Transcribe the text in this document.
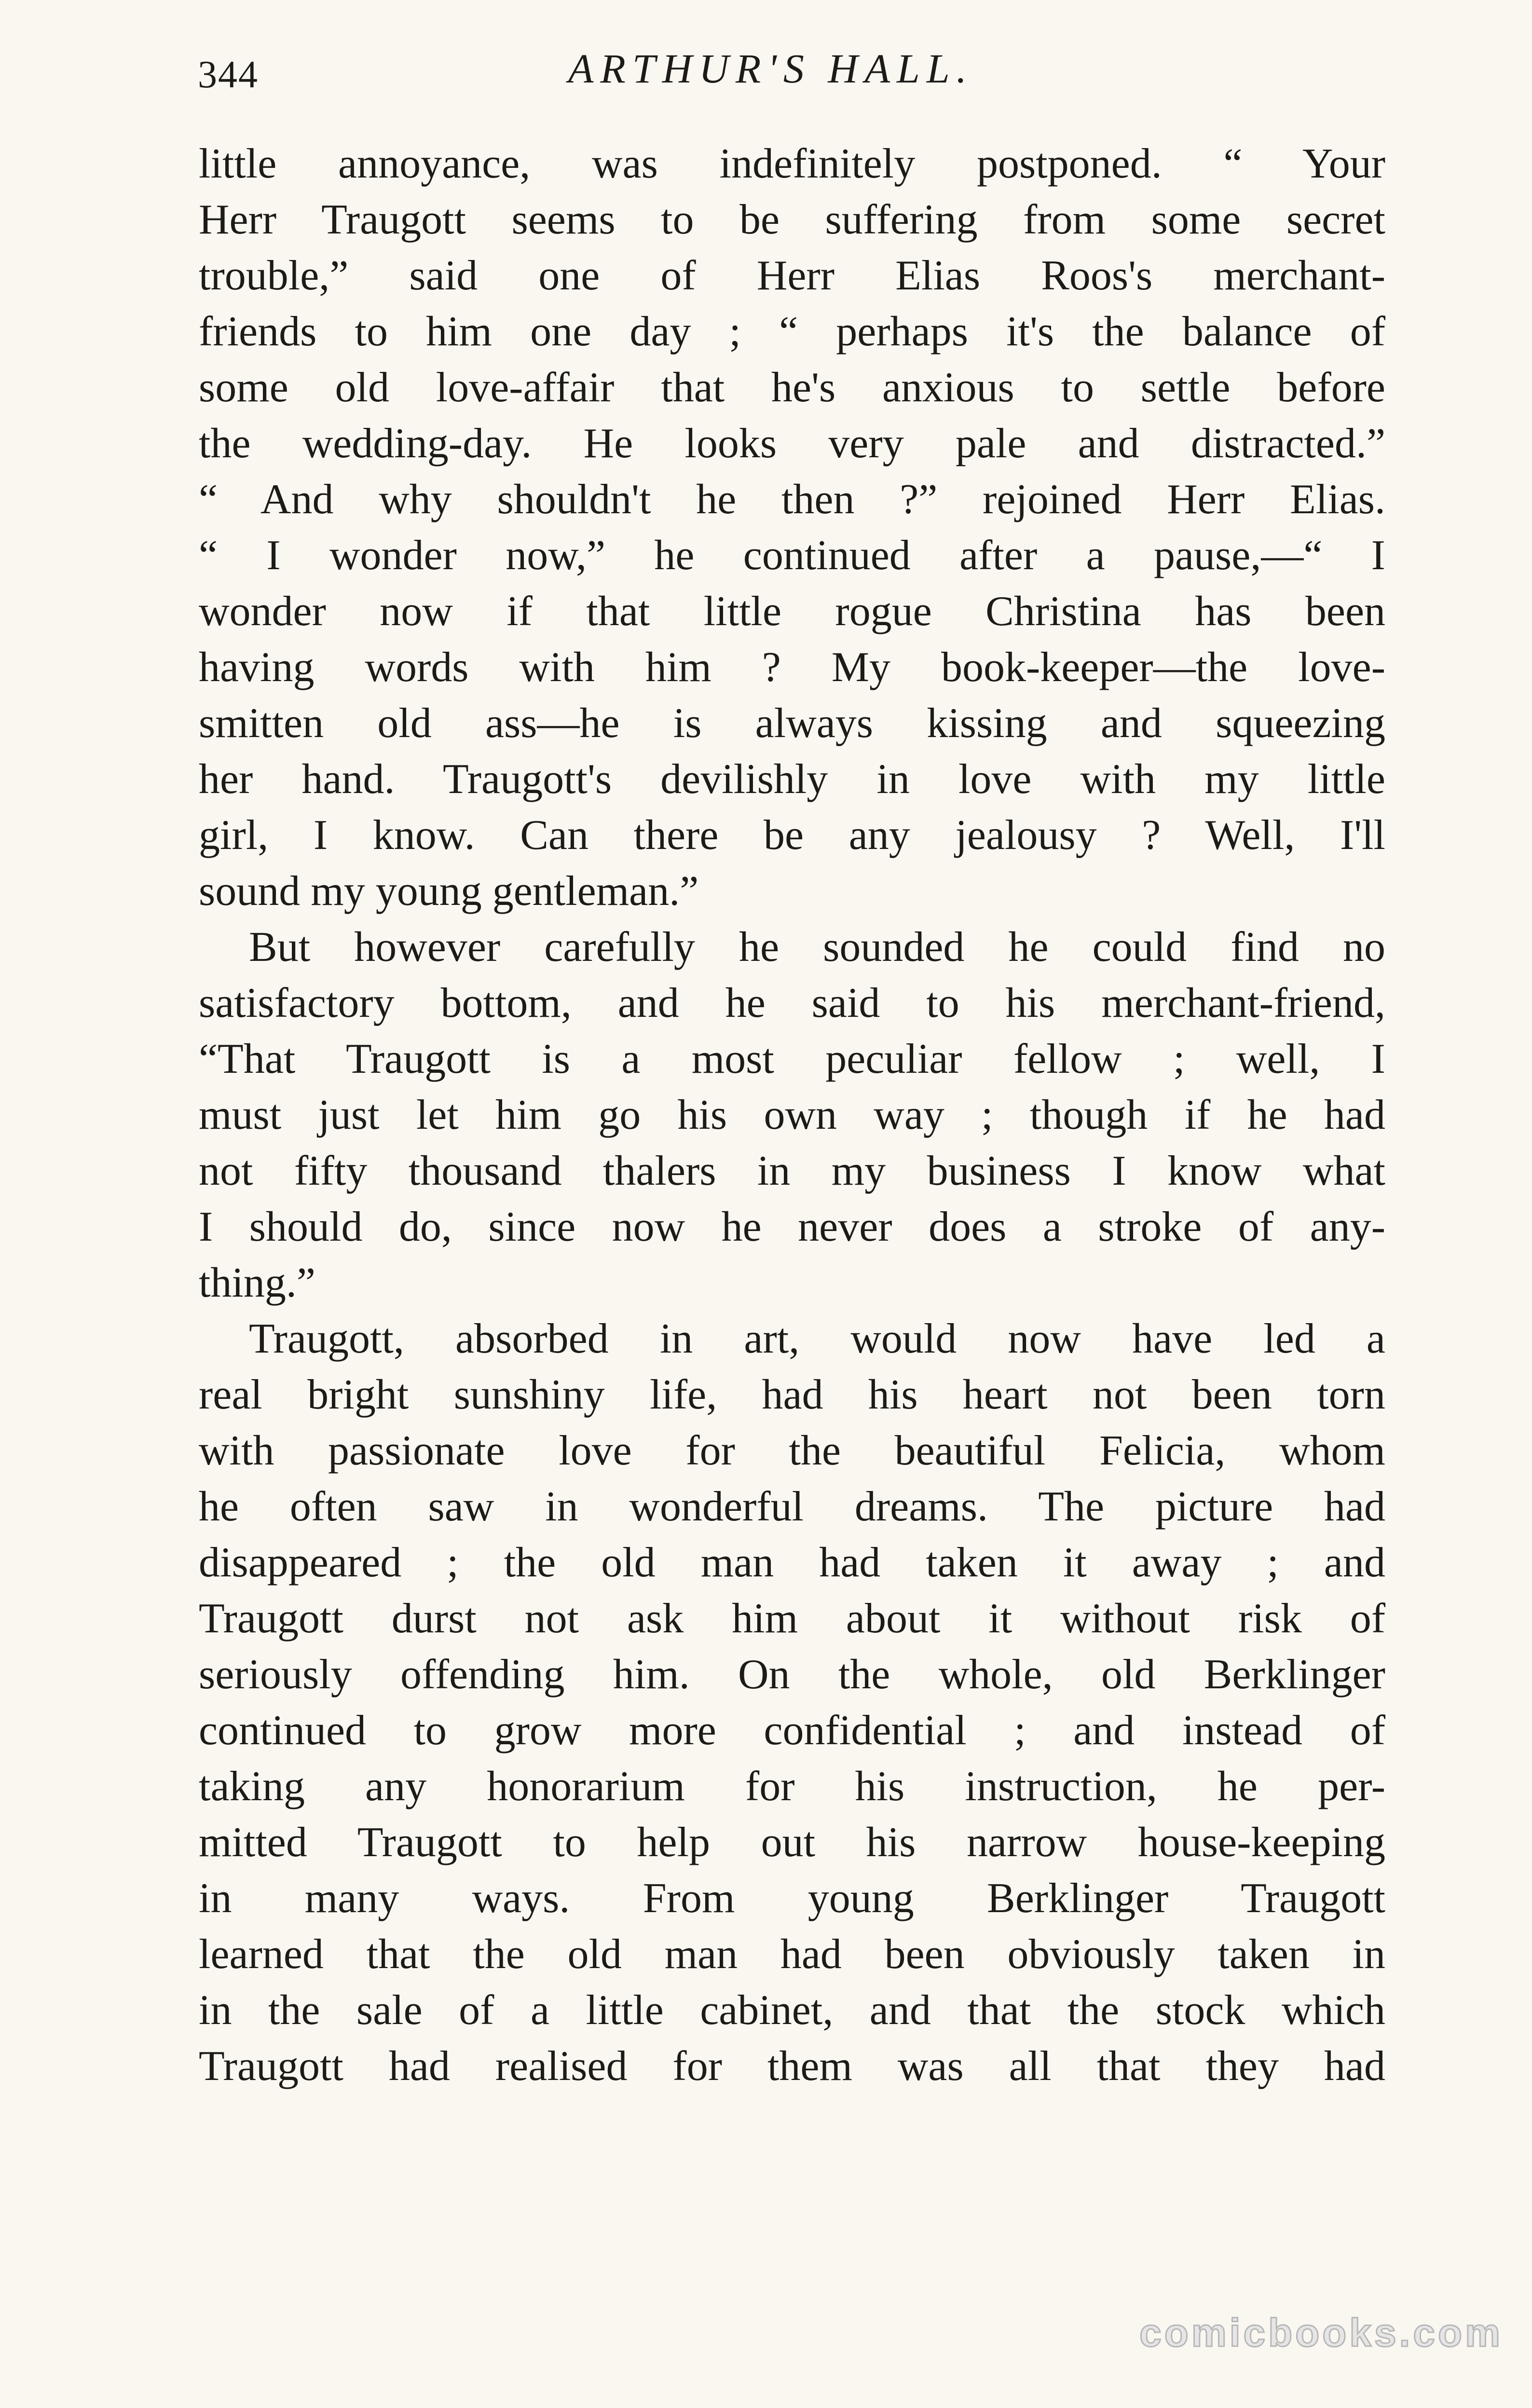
344	ARTHUR'S HALL.
little annoyance, was indefinitely postponed. “ Your
Herr Traugott seems to be suffering from some secret
trouble,” said one of Herr Elias Roos's merchant-
friends to him one day ; “ perhaps it's the balance of
some old love-affair that he's anxious to settle before
the wedding-day. He looks very pale and distracted.”
“ And why shouldn't he then ?” rejoined Herr Elias.
“ I wonder now,” he continued after a pause,—“ I
wonder now if that little rogue Christina has been
having words with him ? My book-keeper—the love-
smitten old ass—he is always kissing and squeezing
her hand. Traugott's devilishly in love with my little
girl, I know. Can there be any jealousy ? Well, I'll
sound my young gentleman.”
But however carefully he sounded he could find no
satisfactory bottom, and he said to his merchant-friend,
“That Traugott is a most peculiar fellow ; well, I
must just let him go his own way ; though if he had
not fifty thousand thalers in my business I know what
I should do, since now he never does a stroke of any-
thing.”
Traugott, absorbed in art, would now have led a
real bright sunshiny life, had his heart not been torn
with passionate love for the beautiful Felicia, whom
he often saw in wonderful dreams. The picture had
disappeared ; the old man had taken it away ; and
Traugott durst not ask him about it without risk of
seriously offending him. On the whole, old Berklinger
continued to grow more confidential ; and instead of
taking any honorarium for his instruction, he per-
mitted Traugott to help out his narrow house-keeping
in many ways. From young Berklinger Traugott
learned that the old man had been obviously taken in
in the sale of a little cabinet, and that the stock which
Traugott had realised for them was all that they had
comicbooks.com
